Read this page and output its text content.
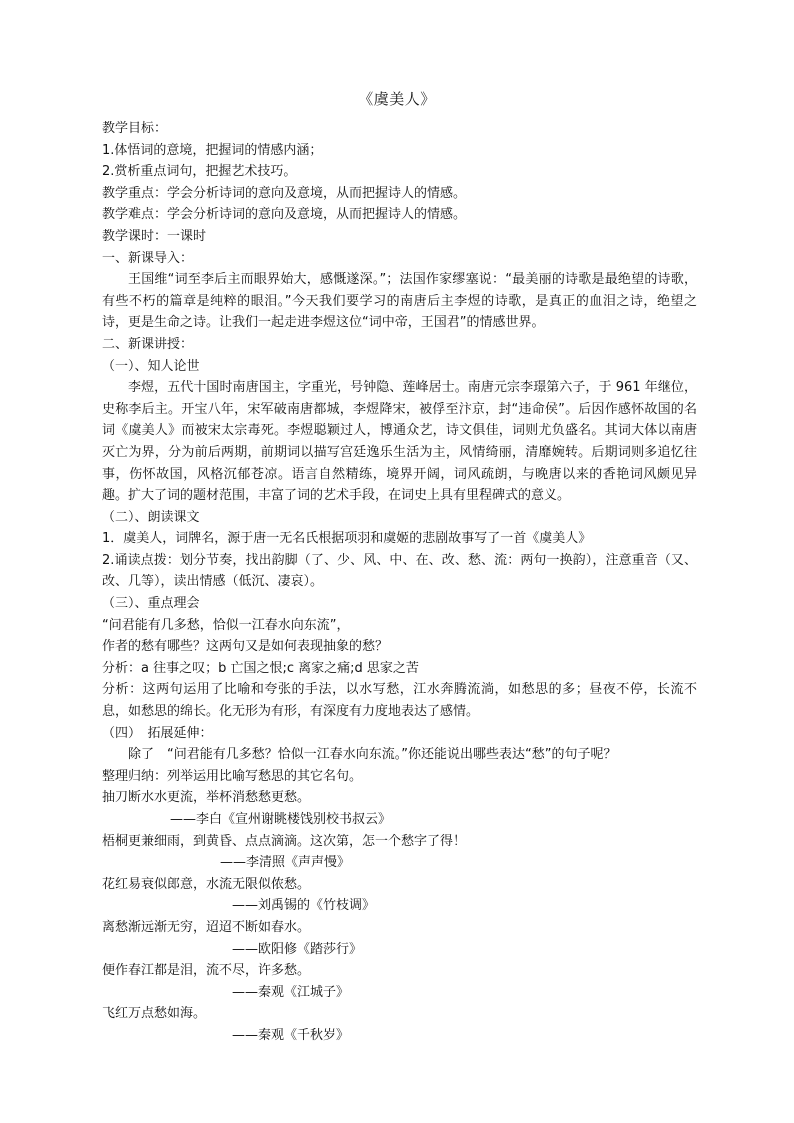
《虞美人》

教学目标：

1.体悟词的意境，把握词的情感内涵；

2.赏析重点词句，把握艺术技巧。

教学重点：学会分析诗词的意向及意境，从而把握诗人的情感。

教学难点：学会分析诗词的意向及意境，从而把握诗人的情感。

教学课时：一课时

一、新课导入：

王国维“词至李后主而眼界始大，感慨遂深。”；法国作家缪塞说：“最美丽的诗歌是最绝望的诗歌，有些不朽的篇章是纯粹的眼泪。”今天我们要学习的南唐后主李煜的诗歌，是真正的血泪之诗，绝望之诗，更是生命之诗。让我们一起走进李煜这位“词中帝，王国君”的情感世界。

二、新课讲授：

（一）、知人论世

李煜，五代十国时南唐国主，字重光，号钟隐、莲峰居士。南唐元宗李璟第六子，于 961 年继位，史称李后主。开宝八年，宋军破南唐都城，李煜降宋，被俘至汴京，封“违命侯”。后因作感怀故国的名词《虞美人》而被宋太宗毒死。李煜聪颖过人，博通众艺，诗文俱佳，词则尤负盛名。其词大体以南唐灭亡为界，分为前后两期，前期词以描写宫廷逸乐生活为主，风情绮丽，清靡婉转。后期词则多追忆往事，伤怀故国，风格沉郁苍凉。语言自然精练，境界开阔，词风疏朗，与晚唐以来的香艳词风颇见异趣。扩大了词的题材范围，丰富了词的艺术手段，在词史上具有里程碑式的意义。

（二）、朗读课文

1．虞美人，词牌名，源于唐一无名氏根据项羽和虞姬的悲剧故事写了一首《虞美人》

2.诵读点拨：划分节奏，找出韵脚（了、少、风、中、在、改、愁、流：两句一换韵），注意重音（又、改、几等），读出情感（低沉、凄哀）。

（三）、重点理会

“问君能有几多愁，恰似一江春水向东流”，

作者的愁有哪些？这两句又是如何表现抽象的愁？

分析：a 往事之叹；b 亡国之恨;c 离家之痛;d 思家之苦

分析：这两句运用了比喻和夸张的手法，以水写愁，江水奔腾流淌，如愁思的多；昼夜不停，长流不息，如愁思的绵长。化无形为有形，有深度有力度地表达了感情。

（四）　拓展延伸：

除了　“问君能有几多愁？恰似一江春水向东流。”你还能说出哪些表达“愁”的句子呢？

整理归纳：列举运用比喻写愁思的其它名句。

抽刀断水水更流，举杯消愁愁更愁。

——李白《宣州谢眺楼饯别校书叔云》

梧桐更兼细雨，到黄昏、点点滴滴。这次第，怎一个愁字了得！

——李清照《声声慢》

花红易衰似郎意，水流无限似侬愁。

——刘禹锡的《竹枝调》

离愁渐远渐无穷，迢迢不断如春水。

——欧阳修《踏莎行》

便作春江都是泪，流不尽，许多愁。

——秦观《江城子》

飞红万点愁如海。

——秦观《千秋岁》
